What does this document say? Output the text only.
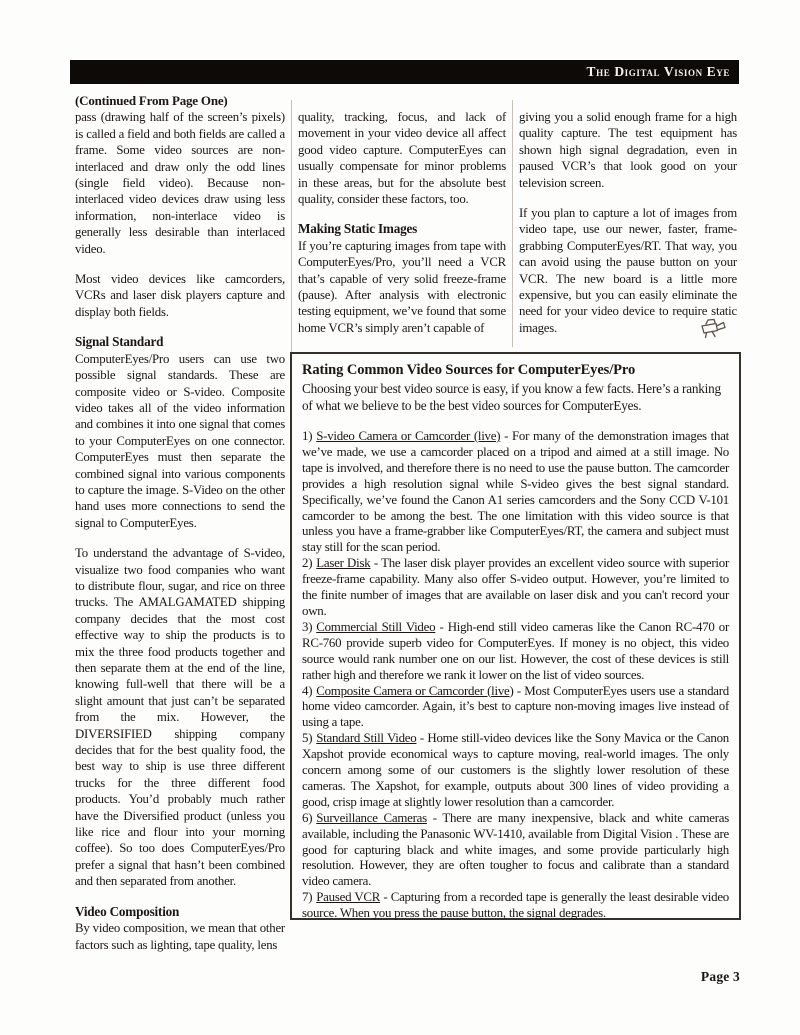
The Digital Vision Eye

(Continued From Page One)

pass (drawing half of the screen’s pixels) is called a field and both fields are called a frame. Some video sources are non-interlaced and draw only the odd lines (single field video). Because non-interlaced video devices draw using less information, non-interlace video is generally less desirable than interlaced video.

Most video devices like camcorders, VCRs and laser disk players capture and display both fields.

Signal Standard

ComputerEyes/Pro users can use two possible signal standards. These are composite video or S-video. Composite video takes all of the video information and combines it into one signal that comes to your ComputerEyes on one connector. ComputerEyes must then separate the combined signal into various components to capture the image. S-Video on the other hand uses more connections to send the signal to ComputerEyes.

To understand the advantage of S-video, visualize two food companies who want to distribute flour, sugar, and rice on three trucks. The AMALGAMATED shipping company decides that the most cost effective way to ship the products is to mix the three food products together and then separate them at the end of the line, knowing full-well that there will be a slight amount that just can’t be separated from the mix. However, the DIVERSIFIED shipping company decides that for the best quality food, the best way to ship is use three different trucks for the three different food products. You’d probably much rather have the Diversified product (unless you like rice and flour into your morning coffee). So too does ComputerEyes/Pro prefer a signal that hasn’t been combined and then separated from another.

Video Composition

By video composition, we mean that other factors such as lighting, tape quality, lens

quality, tracking, focus, and lack of movement in your video device all affect good video capture. ComputerEyes can usually compensate for minor problems in these areas, but for the absolute best quality, consider these factors, too.

Making Static Images

If you’re capturing images from tape with ComputerEyes/Pro, you’ll need a VCR that’s capable of very solid freeze-frame (pause). After analysis with electronic testing equipment, we’ve found that some home VCR’s simply aren’t capable of

giving you a solid enough frame for a high quality capture. The test equipment has shown high signal degradation, even in paused VCR’s that look good on your television screen.

If you plan to capture a lot of images from video tape, use our newer, faster, frame-grabbing ComputerEyes/RT. That way, you can avoid using the pause button on your VCR. The new board is a little more expensive, but you can easily eliminate the need for your video device to require static images.

Rating Common Video Sources for ComputerEyes/Pro

Choosing your best video source is easy, if you know a few facts. Here’s a ranking of what we believe to be the best video sources for ComputerEyes.

1) S-video Camera or Camcorder (live) - For many of the demonstration images that we’ve made, we use a camcorder placed on a tripod and aimed at a still image. No tape is involved, and therefore there is no need to use the pause button. The camcorder provides a high resolution signal while S-video gives the best signal standard. Specifically, we’ve found the Canon A1 series camcorders and the Sony CCD V-101 camcorder to be among the best. The one limitation with this video source is that unless you have a frame-grabber like ComputerEyes/RT, the camera and subject must stay still for the scan period.

2) Laser Disk - The laser disk player provides an excellent video source with superior freeze-frame capability. Many also offer S-video output. However, you’re limited to the finite number of images that are available on laser disk and you can't record your own.

3) Commercial Still Video - High-end still video cameras like the Canon RC-470 or RC-760 provide superb video for ComputerEyes. If money is no object, this video source would rank number one on our list. However, the cost of these devices is still rather high and therefore we rank it lower on the list of video sources.

4) Composite Camera or Camcorder (live) - Most ComputerEyes users use a standard home video camcorder. Again, it’s best to capture non-moving images live instead of using a tape.

5) Standard Still Video - Home still-video devices like the Sony Mavica or the Canon Xapshot provide economical ways to capture moving, real-world images. The only concern among some of our customers is the slightly lower resolution of these cameras. The Xapshot, for example, outputs about 300 lines of video providing a good, crisp image at slightly lower resolution than a camcorder.

6) Surveillance Cameras - There are many inexpensive, black and white cameras available, including the Panasonic WV-1410, available from Digital Vision . These are good for capturing black and white images, and some provide particularly high resolution. However, they are often tougher to focus and calibrate than a standard video camera.

7) Paused VCR - Capturing from a recorded tape is generally the least desirable video source. When you press the pause button, the signal degrades.

Page 3
